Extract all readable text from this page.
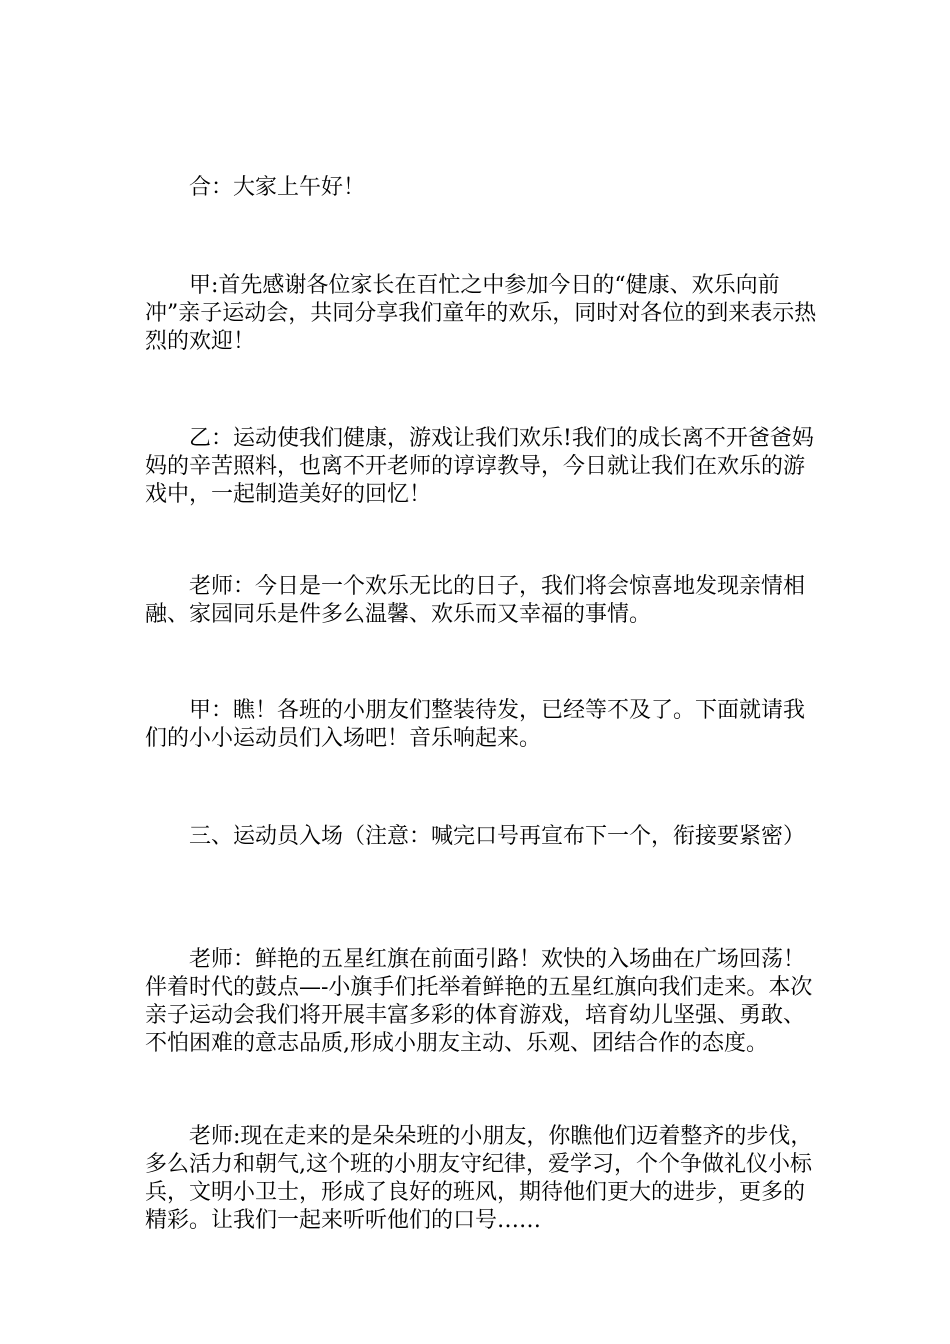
合：大家上午好！

甲:首先感谢各位家长在百忙之中参加今日的“健康、欢乐向前冲”亲子运动会，共同分享我们童年的欢乐，同时对各位的到来表示热烈的欢迎！

乙：运动使我们健康，游戏让我们欢乐!我们的成长离不开爸爸妈妈的辛苦照料，也离不开老师的谆谆教导，今日就让我们在欢乐的游戏中，一起制造美好的回忆！

老师：今日是一个欢乐无比的日子，我们将会惊喜地发现亲情相融、家园同乐是件多么温馨、欢乐而又幸福的事情。

甲：瞧！各班的小朋友们整装待发，已经等不及了。下面就请我们的小小运动员们入场吧！音乐响起来。

三、运动员入场（注意：喊完口号再宣布下一个，衔接要紧密）

老师：鲜艳的五星红旗在前面引路！欢快的入场曲在广场回荡！伴着时代的鼓点—-小旗手们托举着鲜艳的五星红旗向我们走来。本次亲子运动会我们将开展丰富多彩的体育游戏，培育幼儿坚强、勇敢、不怕困难的意志品质,形成小朋友主动、乐观、团结合作的态度。

老师:现在走来的是朵朵班的小朋友，你瞧他们迈着整齐的步伐，多么活力和朝气,这个班的小朋友守纪律，爱学习，个个争做礼仪小标兵，文明小卫士，形成了良好的班风，期待他们更大的进步，更多的精彩。让我们一起来听听他们的口号……
